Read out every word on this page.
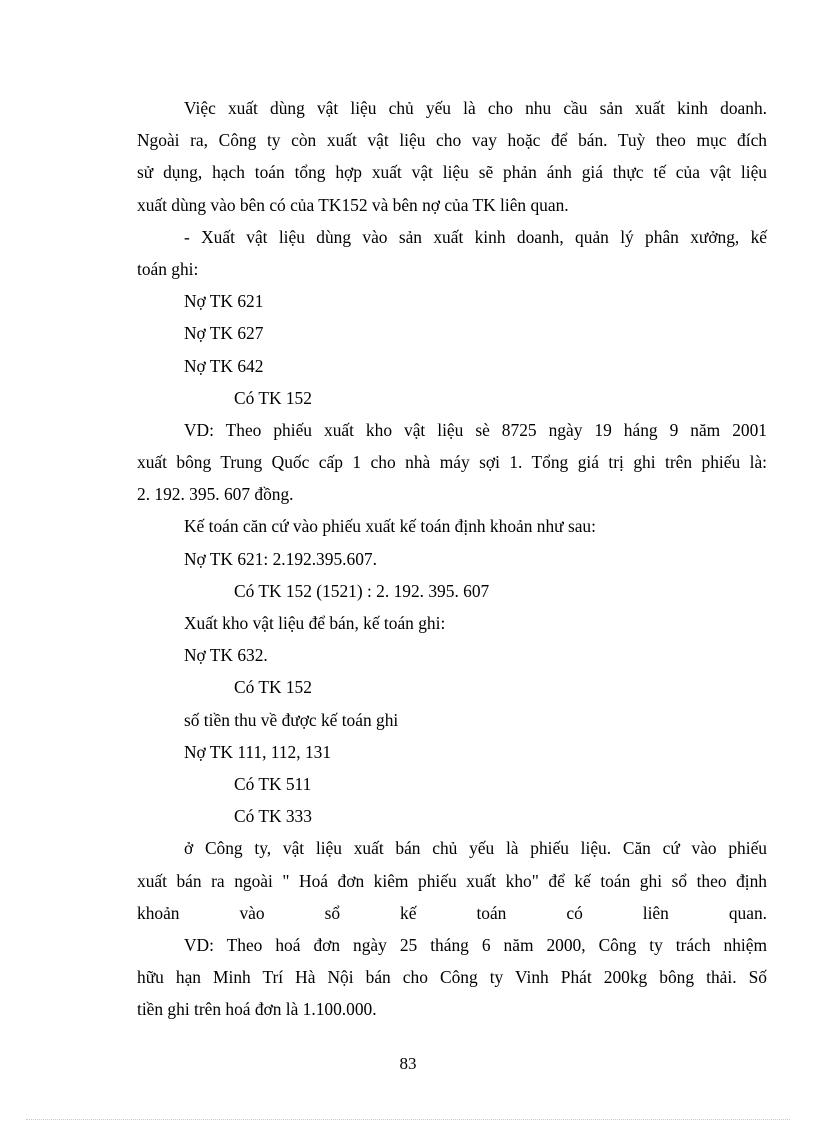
Việc xuất dùng vật liệu chủ yếu là cho nhu cầu sản xuất kinh doanh.

Ngoài ra, Công ty còn xuất vật liệu cho vay hoặc để bán. Tuỳ theo mục đích

sử dụng, hạch toán tổng hợp xuất vật liệu sẽ phản ánh giá thực tế của vật liệu

xuất dùng vào bên có của TK152 và bên nợ của TK liên quan.

- Xuất vật liệu dùng vào sản xuất kinh doanh, quản lý phân xưởng, kế

toán ghi:

Nợ TK 621

Nợ TK 627

Nợ TK 642

Có TK 152

VD: Theo phiếu xuất kho vật liệu sè 8725 ngày 19 háng 9 năm 2001

xuất bông Trung Quốc cấp 1 cho nhà máy sợi 1. Tổng giá trị ghi trên phiếu là:

2. 192. 395. 607 đồng.

Kế toán căn cứ vào phiếu xuất kế toán định khoản như sau:

Nợ TK 621: 2.192.395.607.

Có TK 152 (1521) : 2. 192. 395. 607

Xuất kho vật liệu để bán, kế toán ghi:

Nợ TK 632.

Có TK 152

số tiền thu về được kế toán ghi

Nợ TK 111, 112, 131

Có TK 511

Có TK 333

ở Công ty, vật liệu xuất bán chủ yếu là phiếu liệu. Căn cứ vào phiếu

xuất bán ra ngoài " Hoá đơn kiêm phiếu xuất kho" để kế toán ghi sổ theo định

khoản vào sổ kế toán có liên quan.

VD: Theo hoá đơn ngày 25 tháng 6 năm 2000, Công ty trách nhiệm

hữu hạn Minh Trí Hà Nội bán cho Công ty Vinh Phát 200kg bông thải. Số

tiền ghi trên hoá đơn là 1.100.000.

83
